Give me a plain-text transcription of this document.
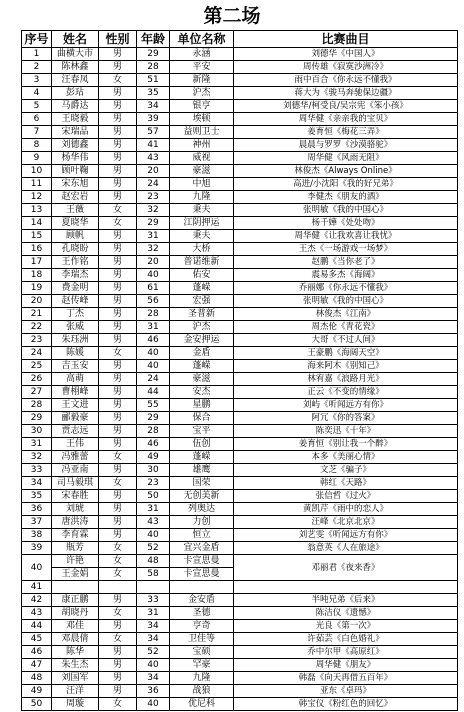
第二场
序号	姓名	性别	年龄	单位名称	比赛曲目
1	曲横大市	男	29	永涵	刘德华《中国人》
2	陈林鑫	男	28	平安	周传雄《寂寞沙洲冷》
3	汪春凤	女	51	新隆	雨中百合《你永远不懂我》
4	彭玷	男	35	沪杰	蒋大为《骏马奔驰保边疆》
5	马爵达	男	34	银亨	刘德华/柯受良/吴宗宪《笨小孩》
6	王晓毅	男	39	埃顿	周华健《亲亲我的宝贝》
7	宋瑞品	男	57	益则卫士	姜育恒《梅花三弄》
8	刘德鑫	男	41	神州	晨晨与罗罗《沙漠骆驼》
9	杨华伟	男	43	威视	周华健《风雨无阻》
10	顾叶鞠	男	20	豪滋	林俊杰《Always Online》
11	宋东旭	男	24	中旭	高进/小沈阳《我的好兄弟》
12	赵宏岩	男	23	九隆	李健杰《朋友的酒》
13	王薇	女	32	秉夫	张明敏《我的中国心》
14	夏晓华	女	29	江阴押运	杨千嬅《处处吻》
15	顾帆	男	31	秉夫	周华健《让我欢喜让我忧》
16	孔晓盼	男	32	大桥	王杰《一场游戏一场梦》
17	王作铭	男	20	普诺维新	赵鹏《当你老了》
18	李瑞杰	男	40	佑安	震易多杰《海阔》
19	费金明	男	61	蓬嵘	乔丽娜《你永远不懂我》
20	赵传峰	男	56	宏强	张明敏《我的中国心》
21	丁杰	男	28	圣普新	林俊杰《江南》
22	张威	男	31	沪杰	周杰伦《青花瓷》
23	朱珏洲	男	46	金安押运	大哥《不过人间》
24	陈媛	女	40	金盾	王豪鹏《海阔天空》
25	吉玉安	男	40	蓬嵘	海来阿木《别知己》
26	高萌	男	24	豪滋	林宥嘉《浪路月光》
27	曹栩峰	男	44	安杰	正云《不变的情缘》
28	王文进	男	55	星鹏	刘屿《听闻远方有你》
29	郦毅豪	男	29	保合	阿冗《你的答案》
30	贾志远	男	28	宝平	陈奕迅《十年》
31	王伟	男	46	伍创	姜育恒《别让我一个醉》
32	冯雅蕾	女	49	蓬嵘	本多《美丽心情》
33	冯亚南	男	30	雄鹰	文芝《骗子》
34	司马毅琪	女	23	国荣	韩红《天路》
35	宋春胜	男	50	无创美新	张信哲《过火》
36	刘琥	男	31	列奥达	黄凯芹《雨中的恋人》
37	唐洪涛	男	43	力创	汪峰《北京北京》
38	李育霖	男	40	恒立	刘艺雯《听闻远方有你》
39	瓶芳	女	52	宜兴金盾	翁意英《人在旅途》
40	许艳	女	48	卡宣思曼	邓丽君《夜来香》
	王金娟	女	58	卡宣思曼	
41					
42	康正鹏	男	33	金安盾	半吨兄弟《后来》
43	胡晓丹	女	31	圣德	陈洁仪《遗憾》
44	邓佳	男	34	亨奇	光良《第一次》
45	邓晨倩	女	34	卫佳等	许茹芸《白色婚礼》
46	陈华	男	52	宝硕	乔中尔甲《高原红》
47	朱生杰	男	40	罕豪	周华健《朋友》
48	刘国军	男	34	九隆	韩磊《向天再借五百年》
49	汪洋	男	36	战狼	亚东《卓玛》
50	周璇	女	40	优尼科	韩宝仪《粉红色的回忆》
